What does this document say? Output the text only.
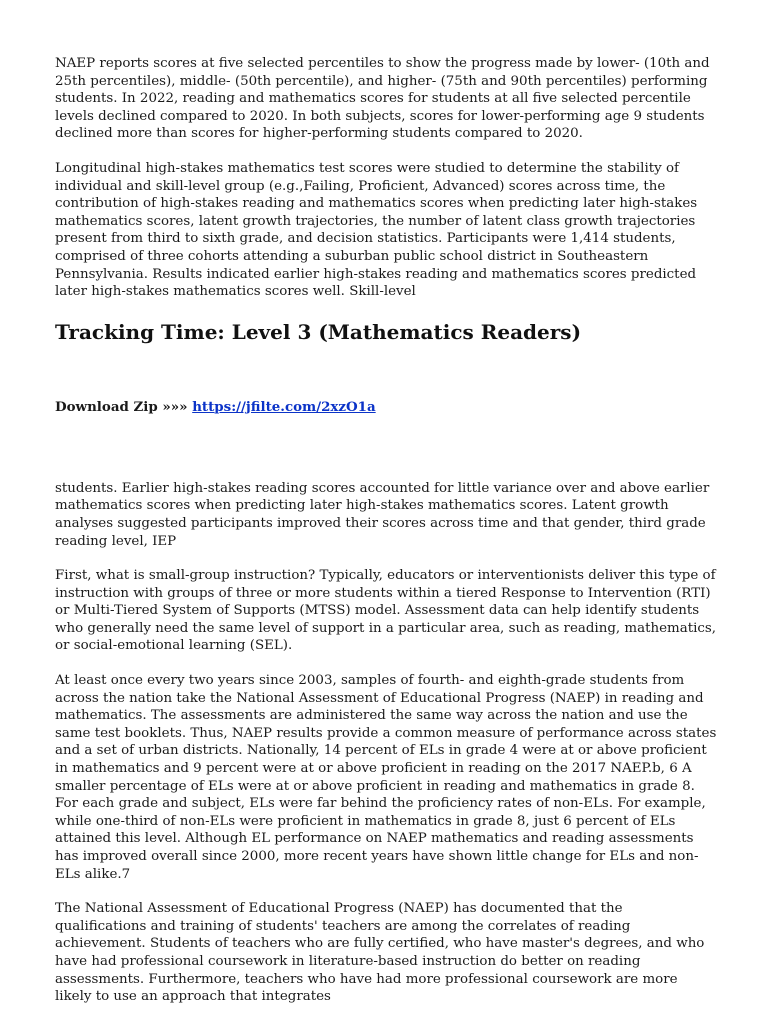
NAEP reports scores at five selected percentiles to show the progress made by lower- (10th and 25th percentiles), middle- (50th percentile), and higher- (75th and 90th percentiles) performing students. In 2022, reading and mathematics scores for students at all five selected percentile levels declined compared to 2020. In both subjects, scores for lower-performing age 9 students declined more than scores for higher-performing students compared to 2020.

Longitudinal high-stakes mathematics test scores were studied to determine the stability of individual and skill-level group (e.g.,Failing, Proficient, Advanced) scores across time, the contribution of high-stakes reading and mathematics scores when predicting later high-stakes mathematics scores, latent growth trajectories, the number of latent class growth trajectories present from third to sixth grade, and decision statistics. Participants were 1,414 students, comprised of three cohorts attending a suburban public school district in Southeastern Pennsylvania. Results indicated earlier high-stakes reading and mathematics scores predicted later high-stakes mathematics scores well. Skill-level

Tracking Time: Level 3 (Mathematics Readers)
Download Zip »»» https://jfilte.com/2xzO1a

students. Earlier high-stakes reading scores accounted for little variance over and above earlier mathematics scores when predicting later high-stakes mathematics scores. Latent growth analyses suggested participants improved their scores across time and that gender, third grade reading level, IEP

First, what is small-group instruction? Typically, educators or interventionists deliver this type of instruction with groups of three or more students within a tiered Response to Intervention (RTI) or Multi-Tiered System of Supports (MTSS) model. Assessment data can help identify students who generally need the same level of support in a particular area, such as reading, mathematics, or social-emotional learning (SEL).

At least once every two years since 2003, samples of fourth- and eighth-grade students from across the nation take the National Assessment of Educational Progress (NAEP) in reading and mathematics. The assessments are administered the same way across the nation and use the same test booklets. Thus, NAEP results provide a common measure of performance across states and a set of urban districts. Nationally, 14 percent of ELs in grade 4 were at or above proficient in mathematics and 9 percent were at or above proficient in reading on the 2017 NAEP.b, 6 A smaller percentage of ELs were at or above proficient in reading and mathematics in grade 8. For each grade and subject, ELs were far behind the proficiency rates of non-ELs. For example, while one-third of non-ELs were proficient in mathematics in grade 8, just 6 percent of ELs attained this level. Although EL performance on NAEP mathematics and reading assessments has improved overall since 2000, more recent years have shown little change for ELs and non-ELs alike.7

The National Assessment of Educational Progress (NAEP) has documented that the qualifications and training of students' teachers are among the correlates of reading achievement. Students of teachers who are fully certified, who have master's degrees, and who have had professional coursework in literature-based instruction do better on reading assessments. Furthermore, teachers who have had more professional coursework are more likely to use an approach that integrates
